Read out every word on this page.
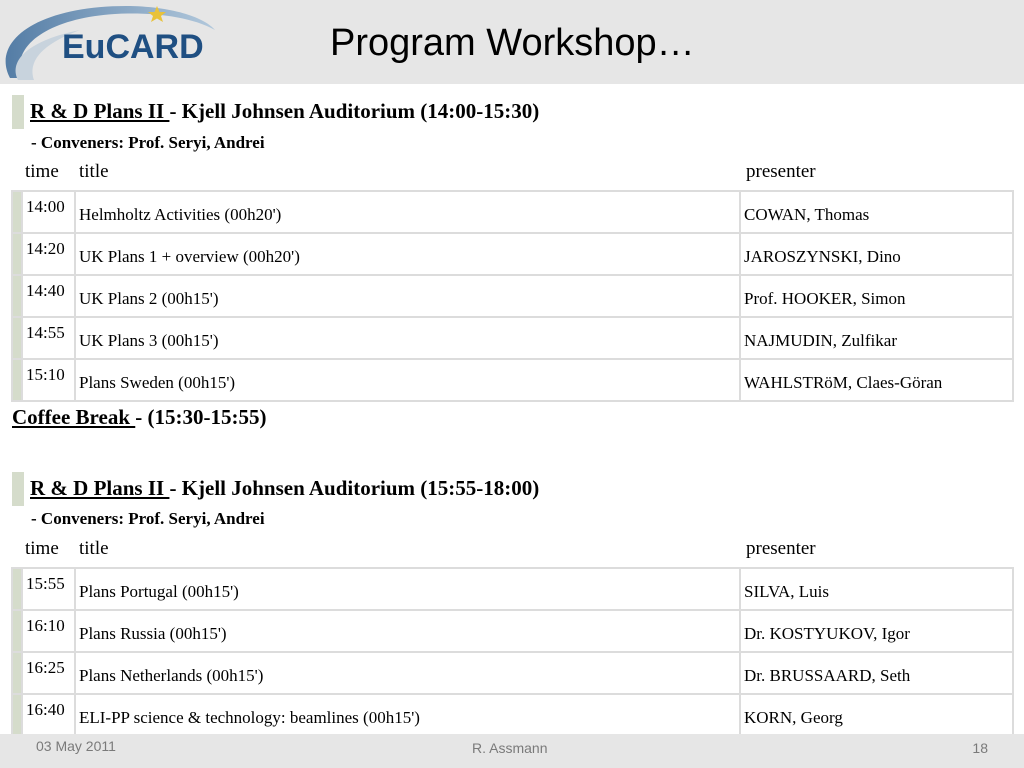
EuCARD	Program Workshop…
R & D Plans II - Kjell Johnsen Auditorium (14:00-15:30)
- Conveners: Prof. Seryi, Andrei
time title	presenter
	14:00	Helmholtz Activities (00h20')	COWAN, Thomas
	14:20	UK Plans 1 + overview (00h20')	JAROSZYNSKI, Dino
	14:40	UK Plans 2 (00h15')	Prof. HOOKER, Simon
	14:55	UK Plans 3 (00h15')	NAJMUDIN, Zulfikar
	15:10	Plans Sweden (00h15')	WAHLSTRöM, Claes-Göran
Coffee Break - (15:30-15:55)
R & D Plans II - Kjell Johnsen Auditorium (15:55-18:00)
- Conveners: Prof. Seryi, Andrei
time title	presenter
	15:55	Plans Portugal (00h15')	SILVA, Luis
	16:10	Plans Russia (00h15')	Dr. KOSTYUKOV, Igor
	16:25	Plans Netherlands (00h15')	Dr. BRUSSAARD, Seth
	16:40	ELI-PP science & technology: beamlines (00h15')	KORN, Georg
03 May 2011	R. Assmann	18
